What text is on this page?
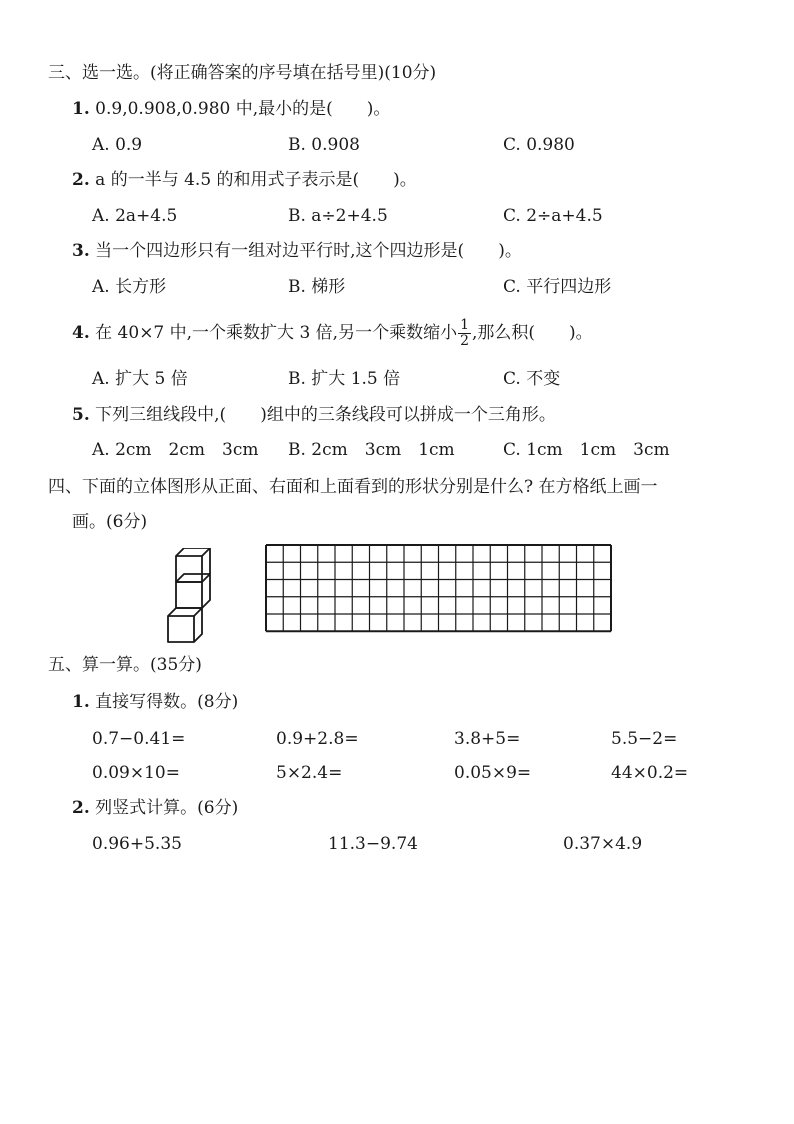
三、选一选。(将正确答案的序号填在括号里)(10分)
1. 0.9,0.908,0.980 中,最小的是(　　)。
A. 0.9	B. 0.908	C. 0.980
2. a 的一半与 4.5 的和用式子表示是(　　)。
A. 2a+4.5	B. a÷2+4.5	C. 2÷a+4.5
3. 当一个四边形只有一组对边平行时,这个四边形是(　　)。
A. 长方形	B. 梯形	C. 平行四边形
4. 在 40×7 中,一个乘数扩大 3 倍,另一个乘数缩小 $\frac{1}{2}$ ,那么积(　　)。
A. 扩大 5 倍	B. 扩大 1.5 倍	C. 不变
5. 下列三组线段中,(　　)组中的三条线段可以拼成一个三角形。
A. 2cm　2cm　3cm B. 2cm　3cm　1cm	C. 1cm　1cm　3cm
四、下面的立体图形从正面、右面和上面看到的形状分别是什么? 在方格纸上画一
画。(6分)
五、算一算。(35分)
1. 直接写得数。(8分)
0.7−0.41=	0.9+2.8=	3.8+5=	5.5−2=
0.09×10=	5×2.4=	0.05×9=	44×0.2=
2. 列竖式计算。(6分)
0.96+5.35	11.3−9.74	0.37×4.9
